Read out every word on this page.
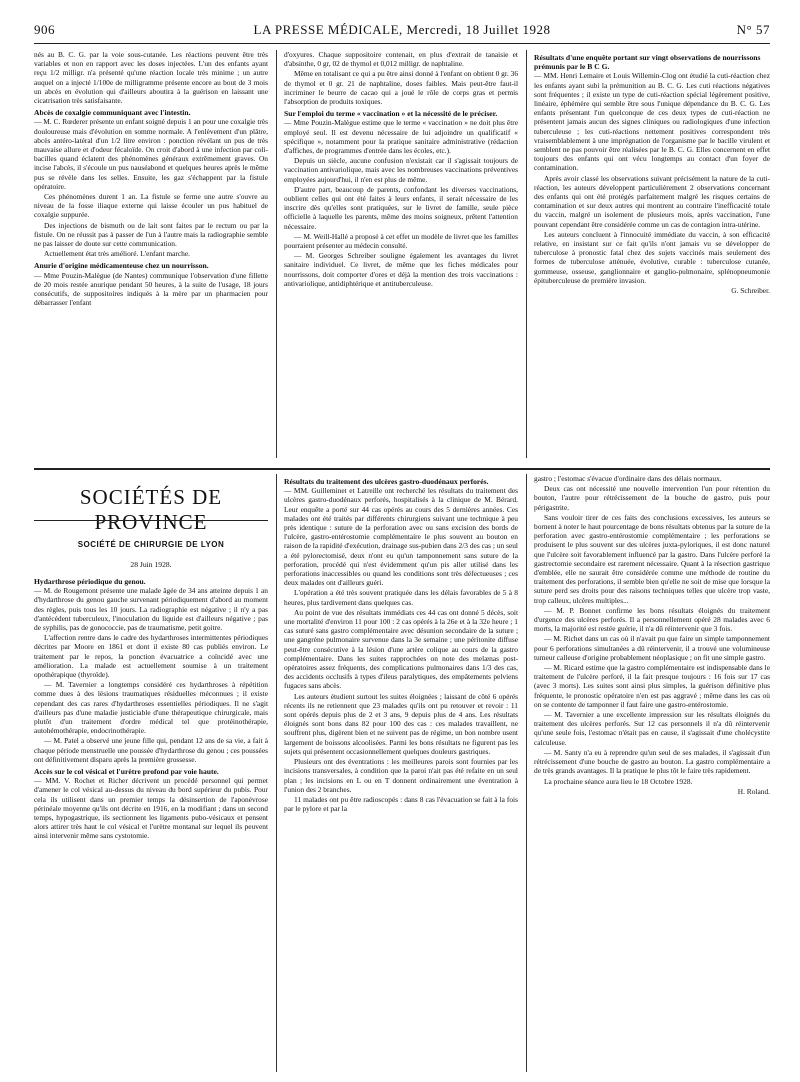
906	LA PRESSE MÉDICALE, Mercredi, 18 Juillet 1928	N° 57

nés au B. C. G. par la voie sous-cutanée. Les réactions peuvent être très variables et non en rapport avec les doses injectées. L'un des enfants ayant reçu 1/2 milligr. n'a présenté qu'une réaction locale très minime ; un autre auquel on a injecté 1/100e de milligramme présente encore au bout de 3 mois un abcès en évolution qui d'ailleurs aboutira à la guérison en laissant une cicatrisation très satisfaisante.

Abcès de coxalgie communiquant avec l'intestin.

— M. C. Rœderer présente un enfant soigné depuis 1 an pour une coxalgie très douloureuse mais d'évolution en somme normale. A l'enlèvement d'un plâtre, abcès antéro-latéral d'un 1/2 litre environ : ponction révélant un pus de très mauvaise allure et d'odeur fécaloïde. On croit d'abord à une infection par coli-bacilles quand éclatent des phénomènes généraux extrêmement graves. On incise l'abcès, il s'écoule un pus nauséabond et quelques heures après le même pus se révèle dans les selles. Ensuite, les gaz s'échappent par la fistule opératoire.

Ces phénomènes durent 1 an. La fistule se ferme une autre s'ouvre au niveau de la fosse iliaque externe qui laisse écouler un pus habituel de coxalgie suppurée.

Des injections de bismuth ou de lait sont faites par le rectum ou par la fistule. On ne réussit pas à passer de l'un à l'autre mais la radiographie semble ne pas laisser de doute sur cette communication.

Actuellement état très amélioré. L'enfant marche.

Anurie d'origine médicamenteuse chez un nourrisson.

— Mme Pouzin-Malègue (de Nantes) communique l'observation d'une fillette de 20 mois restée anurique pendant 50 heures, à la suite de l'usage, 18 jours consécutifs, de suppositoires indiqués à la mère par un pharmacien pour débarrasser l'enfant

d'oxyures. Chaque suppositoire contenait, en plus d'extrait de tanaisie et d'absinthe, 0 gr, 02 de thymol et 0,012 milligr. de naphtaline.

Même en totalisant ce qui a pu être ainsi donné à l'enfant on obtient 0 gr. 36 de thymol et 0 gr. 21 de naphtaline, doses faibles. Mais peut-être faut-il incriminer le beurre de cacao qui a joué le rôle de corps gras et permis l'absorption de produits toxiques.

Sur l'emploi du terme « vaccination » et la nécessité de le préciser.

— Mme Pouzin-Malègue estime que le terme « vaccination » ne doit plus être employé seul. Il est devenu nécessaire de lui adjoindre un qualificatif « spécifique », notamment pour la pratique sanitaire administrative (rédaction d'affiches, de programmes d'entrée dans les écoles, etc.).

Depuis un siècle, aucune confusion n'existait car il s'agissait toujours de vaccination antivariolique, mais avec les nombreuses vaccinations préventives employées aujourd'hui, il n'en est plus de même.

D'autre part, beaucoup de parents, confondant les diverses vaccinations, oublient celles qui ont été faites à leurs enfants, il serait nécessaire de les inscrire dès qu'elles sont pratiquées, sur le livret de famille, seule pièce officielle à laquelle les parents, même des moins soigneux, prêtent l'attention nécessaire.

— M. Weill-Hallé a proposé à cet effet un modèle de livret que les familles pourraient présenter au médecin consulté.

— M. Georges Schreiber souligne également les avantages du livret sanitaire individuel. Ce livret, de même que les fiches médicales pour nourrissons, doit comporter d'ores et déjà la mention des trois vaccinations : antivariolique, antidiphtérique et antituberculeuse.

Résultats d'une enquête portant sur vingt observations de nourrissons prémunis par le B C G.

— MM. Henri Lemaire et Louis Willemin-Clog ont étudié la cuti-réaction chez les enfants ayant subi la prémunition au B. C. G. Les cuti réactions négatives sont fréquentes ; il existe un type de cuti-réaction spécial légèrement positive, linéaire, éphémère qui semble être sous l'unique dépendance du B. C. G. Les enfants présentant l'un quelconque de ces deux types de cuti-réaction ne présentent jamais aucun des signes cliniques ou radiologiques d'une infection tuberculeuse ; les cuti-réactions nettement positives correspondent très vraisemblablement à une imprégnation de l'organisme par le bacille virulent et semblent ne pas pouvoir être réalisées par le B. C. G. Elles concernent en effet toujours des enfants qui ont vécu longtemps au contact d'un foyer de contamination.

Après avoir classé les observations suivant précisément la nature de la cuti-réaction, les auteurs développent particulièrement 2 observations concernant des enfants qui ont été protégés parfaitement malgré les risques certains de contamination et sur deux autres qui montrent au contraire l'inefficacité totale du vaccin, malgré un isolement de plusieurs mois, après vaccination, l'une pouvant cependant être considérée comme un cas de contagion intra-utérine.

Les auteurs concluent à l'innocuité immédiate du vaccin, à son efficacité relative, en insistant sur ce fait qu'ils n'ont jamais vu se développer de tuberculose à pronostic fatal chez des sujets vaccinés mais seulement des formes de tuberculose atténuée, évolutive, curable : tuberculose cutanée, gommeuse, osseuse, ganglionnaire et ganglio-pulmonaire, splénopneumonie épituberculeuse de première invasion.

G. Schreiber.

SOCIÉTÉS DE PROVINCE
SOCIÉTÉ DE CHIRURGIE DE LYON
28 Juin 1928.
Hydarthrose périodique du genou.

— M. de Rougemont présente une malade âgée de 34 ans atteinte depuis 1 an d'hydarthrose du genou gauche survenant périodiquement d'abord au moment des règles, puis tous les 10 jours. La radiographie est négative ; il n'y a pas d'antécédent tuberculeux, l'inoculation du liquide est d'ailleurs négative ; pas de syphilis, pas de gonococcie, pas de traumatisme, petit goitre.

L'affection rentre dans le cadre des hydarthroses intermittentes périodiques décrites par Moore en 1861 et dont il existe 80 cas publiés environ. Le traitement par le repos, la ponction évacuatrice a coïncidé avec une amélioration. La malade est actuellement soumise à un traitement opothérapique (thyroïde).

— M. Tavernier a longtemps considéré ces hydarthroses à répétition comme dues à des lésions traumatiques résiduelles méconnues ; il existe cependant des cas rares d'hydarthroses essentielles périodiques. Il ne s'agit d'ailleurs pas d'une maladie justiciable d'une thérapeutique chirurgicale, mais plutôt d'un traitement d'ordre médical tel que protéinothérapie, autohémothérapie, endocrinothérapie.

— M. Patel a observé une jeune fille qui, pendant 12 ans de sa vie, a fait à chaque période menstruelle une poussée d'hydarthrose du genou ; ces poussées ont définitivement disparu après la première grossesse.

Accès sur le col vésical et l'urètre profond par voie haute.

— MM. V. Rochet et Richer décrivent un procédé personnel qui permet d'amener le col vésical au-dessus du niveau du bord supérieur du pubis. Pour cela ils utilisent dans un premier temps la désinsertion de l'aponévrose périnéale moyenne qu'ils ont décrite en 1916, en la modifiant ; dans un second temps, hypogastrique, ils sectionnent les ligaments pubo-vésicaux et pensent alors attirer très haut le col vésical et l'urètre montanal sur lequel ils peuvent ainsi intervenir même sans cystotomie.

Résultats du traitement des ulcères gastro-duodénaux perforés.

— MM. Guilleminet et Latreille ont recherché les résultats du traitement des ulcères gastro-duodénaux perforés, hospitalisés à la clinique de M. Bérard. Leur enquête a porté sur 44 cas opérés au cours des 5 dernières années. Ces malades ont été traités par différents chirurgiens suivant une technique à peu près identique : suture de la perforation avec ou sans excision des bords de l'ulcère, gastro-entérostomie complémentaire le plus souvent au bouton en raison de la rapidité d'exécution, drainage sus-pubien dans 2/3 des cas ; un seul a été pylorectomisé, deux n'ont eu qu'un tamponnement sans suture de la perforation, procédé qui n'est évidemment qu'un pis aller utilisé dans les perforations inaccessibles ou quand les conditions sont très défectueuses ; ces deux malades ont d'ailleurs guéri.

L'opération a été très souvent pratiquée dans les délais favorables de 5 à 8 heures, plus tardivement dans quelques cas.

Au point de vue des résultats immédiats ces 44 cas ont donné 5 décès, soit une mortalité d'environ 11 pour 100 : 2 cas opérés à la 26e et à la 32e heure ; 1 cas suturé sans gastro complémentaire avec désunion secondaire de la suture ; une gangrène pulmonaire survenue dans la 3e semaine ; une péritonite diffuse peut-être consécutive à la lésion d'une artère colique au cours de la gastro complémentaire. Dans les suites rapprochées on note des melænas post-opératoires assez fréquents, des complications pulmonaires dans 1/3 des cas, des accidents occlusifs à types d'ileus paralytiques, des empâtements pelviens fugaces sans abcès.

Les auteurs étudient surtout les suites éloignées ; laissant de côté 6 opérés récents ils ne retiennent que 23 malades qu'ils ont pu retouver et revoir : 11 sont opérés depuis plus de 2 et 3 ans, 9 depuis plus de 4 ans. Les résultats éloignés sont bons dans 82 pour 100 des cas : ces malades travaillent, ne souffrent plus, digèrent bien et ne suivent pas de régime, un bon nombre usent largement de boissons alcoolisées. Parmi les bons résultats ne figurent pas les sujets qui présentent occasionnellement quelques douleurs gastriques.

Plusieurs ont des éventrations : les meilleures parois sont fournies par les incisions transversales, à condition que la paroi n'ait pas été refaite en un seul plan ; les incisions en L ou en T donnent ordinairement une éventration à l'union des 2 branches.

11 malades ont pu être radioscopés : dans 8 cas l'évacuation se fait à la fois par le pylore et par la

gastro ; l'estomac s'évacue d'ordinaire dans des délais normaux.

Deux cas ont nécessité une nouvelle intervention l'un pour rétention du bouton, l'autre pour rétrécissement de la bouche de gastro, puis pour périgastrite.

Sans vouloir tirer de ces faits des conclusions excessives, les auteurs se bornent à noter le haut pourcentage de bons résultats obtenus par la suture de la perforation avec gastro-entérostomie complémentaire ; les perforations se produisent le plus souvent sur des ulcères juxta-pyloriques, il est donc naturel que l'ulcère soit favorablement influencé par la gastro. Dans l'ulcère perforé la gastrectomie secondaire est rarement nécessaire. Quant à la résection gastrique d'emblée, elle ne saurait être considérée comme une méthode de routine du traitement des perforations, il semble bien qu'elle ne soit de mise que lorsque la suture perd ses droits pour des raisons techniques telles que ulcère trop vaste, trop calleux, ulcères multiples...

— M. P. Bonnet confirme les bons résultats éloignés du traitement d'urgence des ulcères perforés. Il a personnellement opéré 28 malades avec 6 morts, la majorité est restée guérie, il n'a dû réintervenir que 3 fois.

— M. Richet dans un cas où il n'avait pu que faire un simple tamponnement pour 6 perforations simultanées a dû réintervenir, il a trouvé une volumineuse tumeur calleuse d'origine probablement néoplasique ; on fit une simple gastro.

— M. Ricard estime que la gastro complémentaire est indispensable dans le traitement de l'ulcère perforé, il la fait presque toujours : 16 fois sur 17 cas (avec 3 morts). Les suites sont ainsi plus simples, la guérison définitive plus fréquente, le pronostic opératoire n'en est pas aggravé ; même dans les cas où on se contente de tamponner il faut faire une gastro-entérostomie.

— M. Tavernier a une excellente impression sur les résultats éloignés du traitement des ulcères perforés. Sur 12 cas personnels il n'a dû réintervenir qu'une seule fois, l'estomac n'était pas en cause, il s'agissait d'une cholécystite calculeuse.

— M. Santy n'a eu à reprendre qu'un seul de ses malades, il s'agissait d'un rétrécissement d'une bouche de gastro au bouton. La gastro complémentaire a de très grands avantages. Il la pratique le plus tôt le faire très rapidement.

La prochaine séance aura lieu le 18 Octobre 1928.

H. Roland.
